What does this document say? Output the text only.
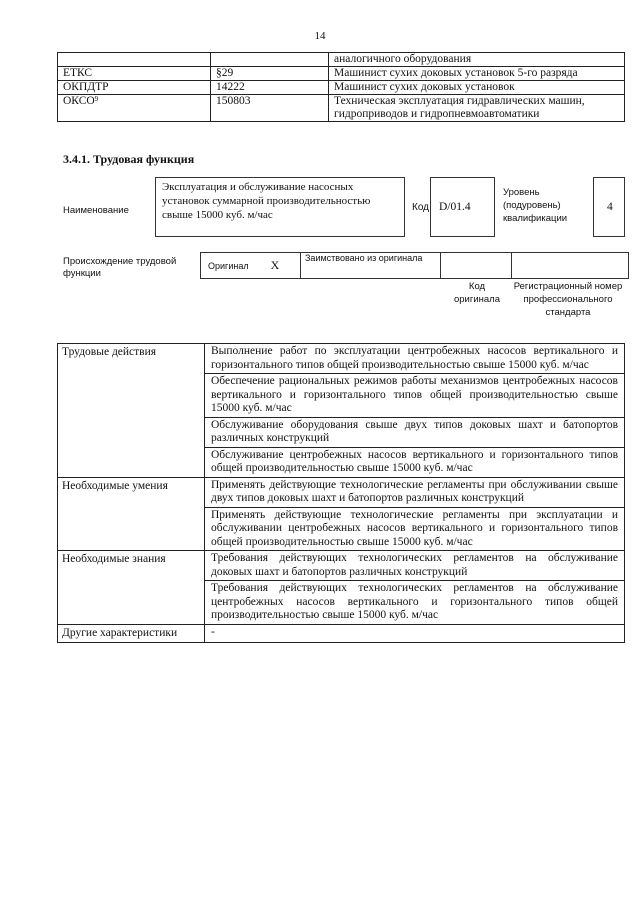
14
		аналогичного оборудования
ЕТКС	§29	Машинист сухих доковых установок 5-го разряда
ОКПДТР	14222	Машинист сухих доковых установок
ОКСО$^9$	150803	Техническая эксплуатация гидравлических машин, гидроприводов и гидропневмоавтоматики
3.4.1. Трудовая функция
Наименование
Эксплуатация и обслуживание насосных установок суммарной производительностью свыше 15000 куб. м/час
Код D/01.4
Уровень
(подуровень)
квалификации
4
Происхождение трудовой функции
Оригинал X	Заимствовано из оригинала		
Код оригинала
Регистрационный номер профессионального стандарта
Трудовые действия	Выполнение работ по эксплуатации центробежных насосов вертикального и горизонтального типов общей производительностью свыше 15000 куб. м/час
	Обеспечение рациональных режимов работы механизмов центробежных насосов вертикального и горизонтального типов общей производительностью свыше 15000 куб. м/час
	Обслуживание оборудования свыше двух типов доковых шахт и батопортов различных конструкций
	Обслуживание центробежных насосов вертикального и горизонтального типов общей производительностью свыше 15000 куб. м/час
Необходимые умения	Применять действующие технологические регламенты при обслуживании свыше двух типов доковых шахт и батопортов различных конструкций
	Применять действующие технологические регламенты при эксплуатации и обслуживании центробежных насосов вертикального и горизонтального типов общей производительностью свыше 15000 куб. м/час
Необходимые знания	Требования действующих технологических регламентов на обслуживание доковых шахт и батопортов различных конструкций
	Требования действующих технологических регламентов на обслуживание центробежных насосов вертикального и горизонтального типов общей производительностью свыше 15000 куб. м/час
Другие характеристики	-
